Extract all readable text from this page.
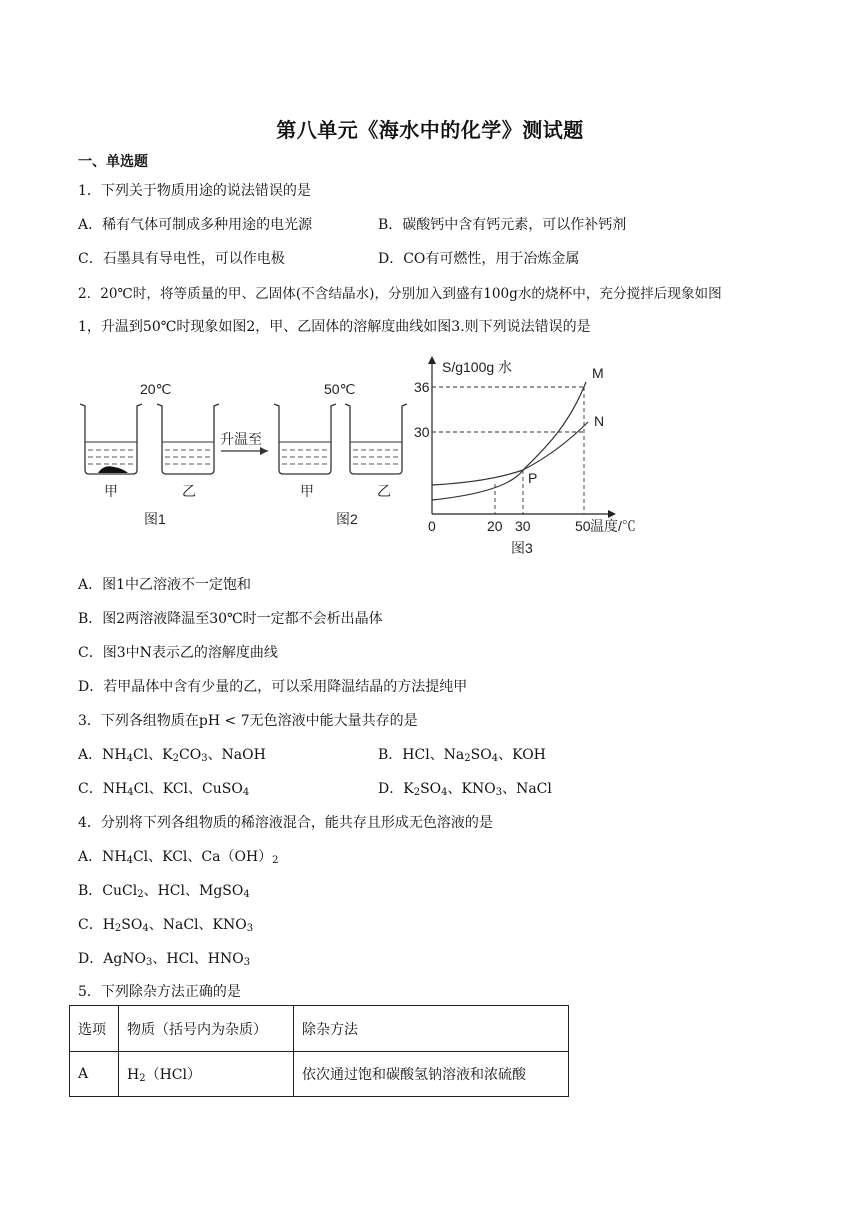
第八单元《海水中的化学》测试题
一、单选题
1．下列关于物质用途的说法错误的是
A．稀有气体可制成多种用途的电光源	B．碳酸钙中含有钙元素，可以作补钙剂
C．石墨具有导电性，可以作电极	D．CO有可燃性，用于冶炼金属
2．20℃时，将等质量的甲、乙固体(不含结晶水)，分别加入到盛有100g水的烧杯中，充分搅拌后现象如图
1，升温到50℃时现象如图2，甲、乙固体的溶解度曲线如图3.则下列说法错误的是
20℃
甲	乙
图1
升温至
50℃
甲	乙
图2
S/g100g 水
温度/℃
36
30
0	20 30	50
M
N
P
图3
A．图1中乙溶液不一定饱和
B．图2两溶液降温至30℃时一定都不会析出晶体
C．图3中N表示乙的溶解度曲线
D．若甲晶体中含有少量的乙，可以采用降温结晶的方法提纯甲
3．下列各组物质在pH < 7无色溶液中能大量共存的是
A．$NH_4Cl$、$K_2CO_3$、NaOH	B．HCl、$Na_2SO_4$、KOH
C．$NH_4Cl$、KCl、CuSO$_4$	D．$K_2SO_4$、$KNO_3$、NaCl
4．分别将下列各组物质的稀溶液混合，能共存且形成无色溶液的是
A．$NH_4Cl$、KCl、$Ca(OH)_2$
B．CuCl$_2$、HCl、MgSO$_4$
C．$H_2SO_4$、NaCl、$KNO_3$
D．AgNO$_3$、HCl、$HNO_3$
5．下列除杂方法正确的是
选项	物质（括号内为杂质）	除杂方法
A	$H_2(HCl)$	依次通过饱和碳酸氢钠溶液和浓硫酸
